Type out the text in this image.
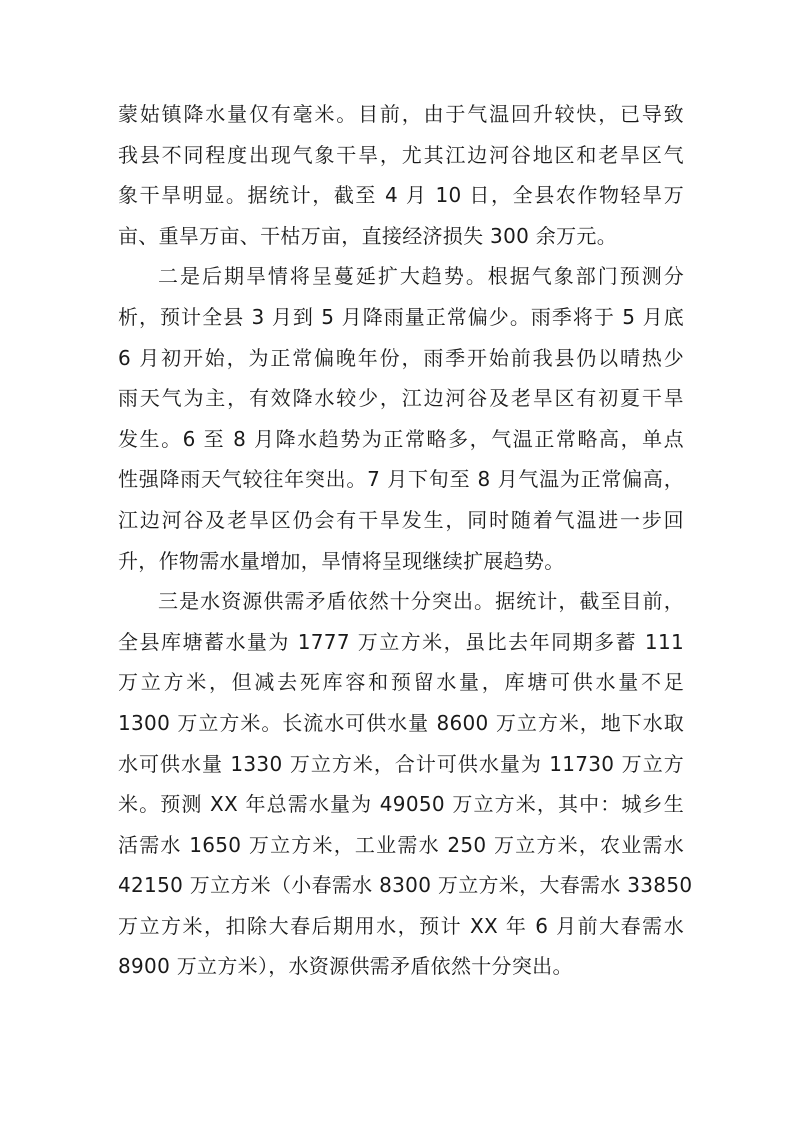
蒙姑镇降水量仅有毫米。目前，由于气温回升较快，已导致
我县不同程度出现气象干旱，尤其江边河谷地区和老旱区气
象干旱明显。据统计，截至 4 月 10 日，全县农作物轻旱万
亩、重旱万亩、干枯万亩，直接经济损失 300 余万元。
二是后期旱情将呈蔓延扩大趋势。根据气象部门预测分
析，预计全县 3 月到 5 月降雨量正常偏少。雨季将于 5 月底
6 月初开始，为正常偏晚年份，雨季开始前我县仍以晴热少
雨天气为主，有效降水较少，江边河谷及老旱区有初夏干旱
发生。6 至 8 月降水趋势为正常略多，气温正常略高，单点
性强降雨天气较往年突出。7 月下旬至 8 月气温为正常偏高，
江边河谷及老旱区仍会有干旱发生，同时随着气温进一步回
升，作物需水量增加，旱情将呈现继续扩展趋势。
三是水资源供需矛盾依然十分突出。据统计，截至目前，
全县库塘蓄水量为 1777 万立方米，虽比去年同期多蓄 111
万立方米，但减去死库容和预留水量，库塘可供水量不足
1300 万立方米。长流水可供水量 8600 万立方米，地下水取
水可供水量 1330 万立方米，合计可供水量为 11730 万立方
米。预测 XX 年总需水量为 49050 万立方米，其中：城乡生
活需水 1650 万立方米，工业需水 250 万立方米，农业需水
42150 万立方米（小春需水 8300 万立方米，大春需水 33850
万立方米，扣除大春后期用水，预计 XX 年 6 月前大春需水
8900 万立方米），水资源供需矛盾依然十分突出。
